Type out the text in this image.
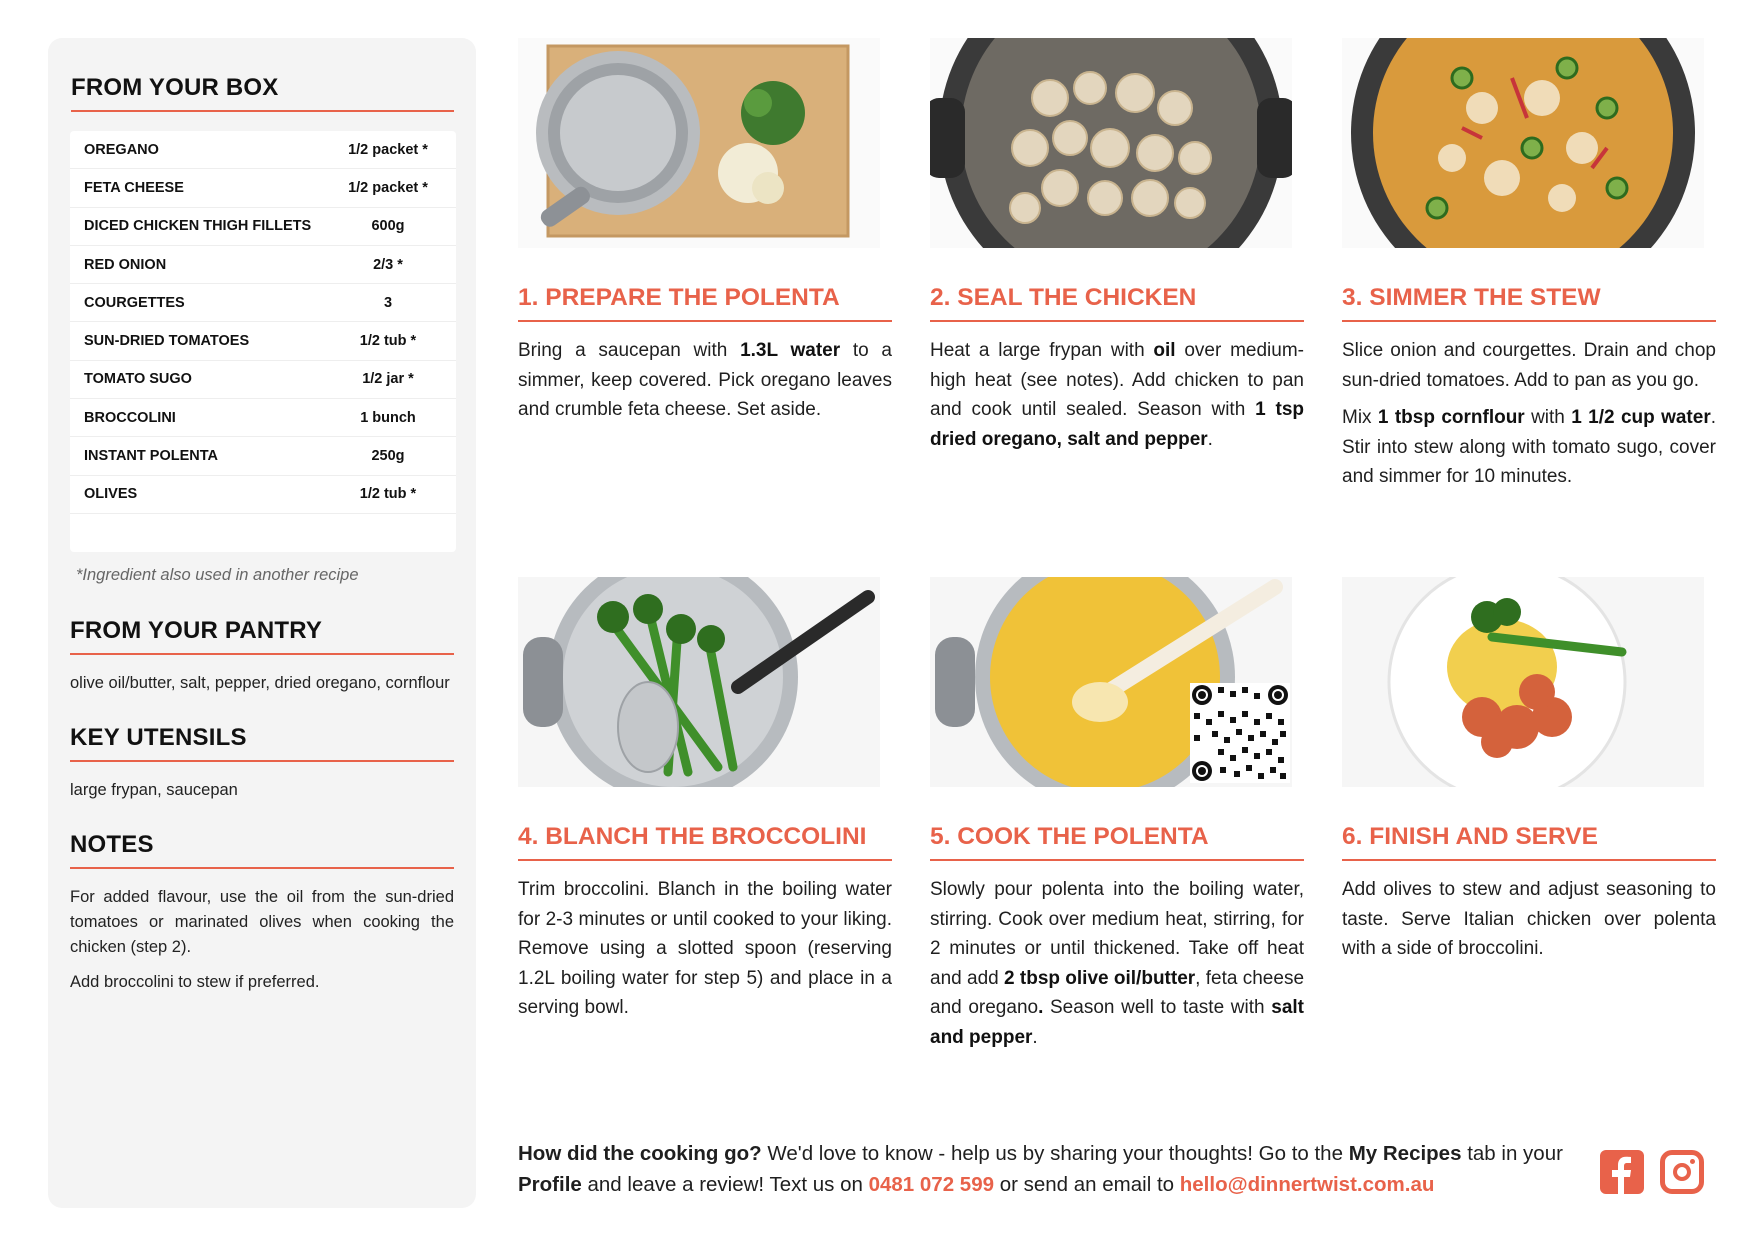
FROM YOUR BOX
OREGANO	1/2 packet *
FETA CHEESE	1/2 packet *
DICED CHICKEN THIGH FILLETS	600g
RED ONION	2/3 *
COURGETTES	3
SUN-DRIED TOMATOES	1/2 tub *
TOMATO SUGO	1/2 jar *
BROCCOLINI	1 bunch
INSTANT POLENTA	250g
OLIVES	1/2 tub *
*Ingredient also used in another recipe
FROM YOUR PANTRY
olive oil/butter, salt, pepper, dried oregano, cornflour
KEY UTENSILS
large frypan, saucepan
NOTES
For added flavour, use the oil from the sun-dried tomatoes or marinated olives when cooking the chicken (step 2).
Add broccolini to stew if preferred.
1. PREPARE THE POLENTA

Bring a saucepan with 1.3L water to a simmer, keep covered. Pick oregano leaves and crumble feta cheese. Set aside.

2. SEAL THE CHICKEN

Heat a large frypan with oil over medium-high heat (see notes). Add chicken to pan and cook until sealed. Season with 1 tsp dried oregano, salt and pepper.

3. SIMMER THE STEW

Slice onion and courgettes. Drain and chop sun-dried tomatoes. Add to pan as you go.

Mix 1 tbsp cornflour with 1 1/2 cup water. Stir into stew along with tomato sugo, cover and simmer for 10 minutes.

4. BLANCH THE BROCCOLINI

Trim broccolini. Blanch in the boiling water for 2-3 minutes or until cooked to your liking. Remove using a slotted spoon (reserving 1.2L boiling water for step 5) and place in a serving bowl.

5. COOK THE POLENTA

Slowly pour polenta into the boiling water, stirring. Cook over medium heat, stirring, for 2 minutes or until thickened. Take off heat and add 2 tbsp olive oil/butter, feta cheese and oregano. Season well to taste with salt and pepper.

6. FINISH AND SERVE

Add olives to stew and adjust seasoning to taste. Serve Italian chicken over polenta with a side of broccolini.

How did the cooking go? We'd love to know - help us by sharing your thoughts! Go to the My Recipes tab in your Profile and leave a review! Text us on 0481 072 599 or send an email to hello@dinnertwist.com.au
